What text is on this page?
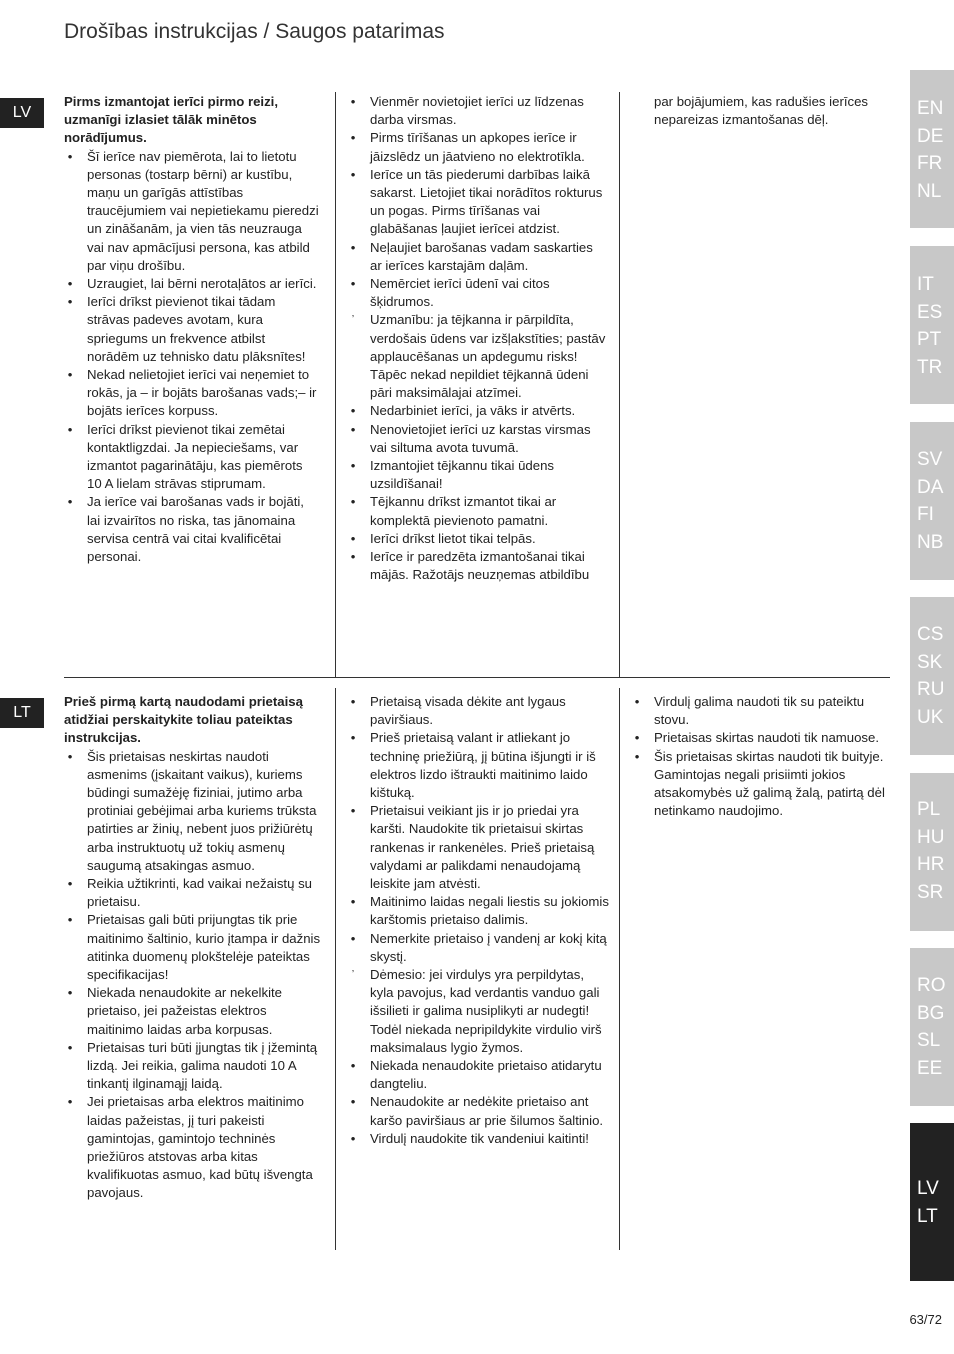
Drošības instrukcijas / Saugos patarimas
LV
LT

Pirms izmantojat ierīci pirmo reizi, uzmanīgi izlasiet tālāk minētos norādījumus.

• Šī ierīce nav piemērota, lai to lietotu personas (tostarp bērni) ar kustību, maņu un garīgās attīstības traucējumiem vai nepietiekamu pieredzi un zināšanām, ja vien tās neuzrauga vai nav apmācījusi persona, kas atbild par viņu drošību.
• Uzraugiet, lai bērni nerotaļātos ar ierīci.
• Ierīci drīkst pievienot tikai tādam strāvas padeves avotam, kura spriegums un frekvence atbilst norādēm uz tehnisko datu plāksnītes!
• Nekad nelietojiet ierīci vai neņemiet to rokās, ja – ir bojāts barošanas vads;– ir bojāts ierīces korpuss.
• Ierīci drīkst pievienot tikai zemētai kontaktligzdai. Ja nepieciešams, var izmantot pagarinātāju, kas piemērots 10 A lielam strāvas stiprumam.
• Ja ierīce vai barošanas vads ir bojāti, lai izvairītos no riska, tas jānomaina servisa centrā vai citai kvalificētai personai.
• Vienmēr novietojiet ierīci uz līdzenas darba virsmas.
• Pirms tīrīšanas un apkopes ierīce ir jāizslēdz un jāatvieno no elektrotīkla.
• Ierīce un tās piederumi darbības laikā sakarst. Lietojiet tikai norādītos rokturus un pogas. Pirms tīrīšanas vai glabāšanas ļaujiet ierīcei atdzist.
• Neļaujiet barošanas vadam saskarties ar ierīces karstajām daļām.
• Nemērciet ierīci ūdenī vai citos šķidrumos.
’	Uzmanību: ja tējkanna ir pārpildīta, verdošais ūdens var izšļakstīties; pastāv applaucēšanas un apdegumu risks! Tāpēc nekad nepildiet tējkannā ūdeni pāri maksimālajai atzīmei.
• Nedarbiniet ierīci, ja vāks ir atvērts.
• Nenovietojiet ierīci uz karstas virsmas vai siltuma avota tuvumā.
• Izmantojiet tējkannu tikai ūdens uzsildīšanai!
• Tējkannu drīkst izmantot tikai ar komplektā pievienoto pamatni.
• Ierīci drīkst lietot tikai telpās.
• Ierīce ir paredzēta izmantošanai tikai mājās. Ražotājs neuzņemas atbildību

par bojājumiem, kas radušies ierīces nepareizas izmantošanas dēļ.

Prieš pirmą kartą naudodami prietaisą atidžiai perskaitykite toliau pateiktas instrukcijas.

• Šis prietaisas neskirtas naudoti asmenims (įskaitant vaikus), kuriems būdingi sumažėję fiziniai, jutimo arba protiniai gebėjimai arba kuriems trūksta patirties ar žinių, nebent juos prižiūrėtų arba instruktuotų už tokių asmenų saugumą atsakingas asmuo.
• Reikia užtikrinti, kad vaikai nežaistų su prietaisu.
• Prietaisas gali būti prijungtas tik prie maitinimo šaltinio, kurio įtampa ir dažnis atitinka duomenų plokštelėje pateiktas specifikacijas!
• Niekada nenaudokite ar nekelkite prietaiso, jei pažeistas elektros maitinimo laidas arba korpusas.
• Prietaisas turi būti įjungtas tik į įžemintą lizdą. Jei reikia, galima naudoti 10 A tinkantį ilginamąjį laidą.
• Jei prietaisas arba elektros maitinimo laidas pažeistas, jį turi pakeisti gamintojas, gamintojo techninės priežiūros atstovas arba kitas kvalifikuotas asmuo, kad būtų išvengta pavojaus.
• Prietaisą visada dėkite ant lygaus paviršiaus.
• Prieš prietaisą valant ir atliekant jo techninę priežiūrą, jį būtina išjungti ir iš elektros lizdo ištraukti maitinimo laido kištuką.
• Prietaisui veikiant jis ir jo priedai yra karšti. Naudokite tik prietaisui skirtas rankenas ir rankenėles. Prieš prietaisą valydami ar palikdami nenaudojamą leiskite jam atvėsti.
• Maitinimo laidas negali liestis su jokiomis karštomis prietaiso dalimis.
• Nemerkite prietaiso į vandenį ar kokį kitą skystį.
’	Dėmesio: jei virdulys yra perpildytas, kyla pavojus, kad verdantis vanduo gali išsilieti ir galima nusiplikyti ar nudegti! Todėl niekada nepripildykite virdulio virš maksimalaus lygio žymos.
• Niekada nenaudokite prietaiso atidarytu dangteliu.
• Nenaudokite ar nedėkite prietaiso ant karšo paviršiaus ar prie šilumos šaltinio.
• Virdulį naudokite tik vandeniui kaitinti!
• Virdulį galima naudoti tik su pateiktu stovu.
• Prietaisas skirtas naudoti tik namuose.
• Šis prietaisas skirtas naudoti tik buityje. Gamintojas negali prisiimti jokios atsakomybės už galimą žalą, patirtą dėl netinkamo naudojimo.
EN
DE
FR
NL
IT
ES
PT
TR
SV
DA
FI
NB
CS
SK
RU
UK
PL
HU
HR
SR
RO
BG
SL
EE
LV
LT
63/72
